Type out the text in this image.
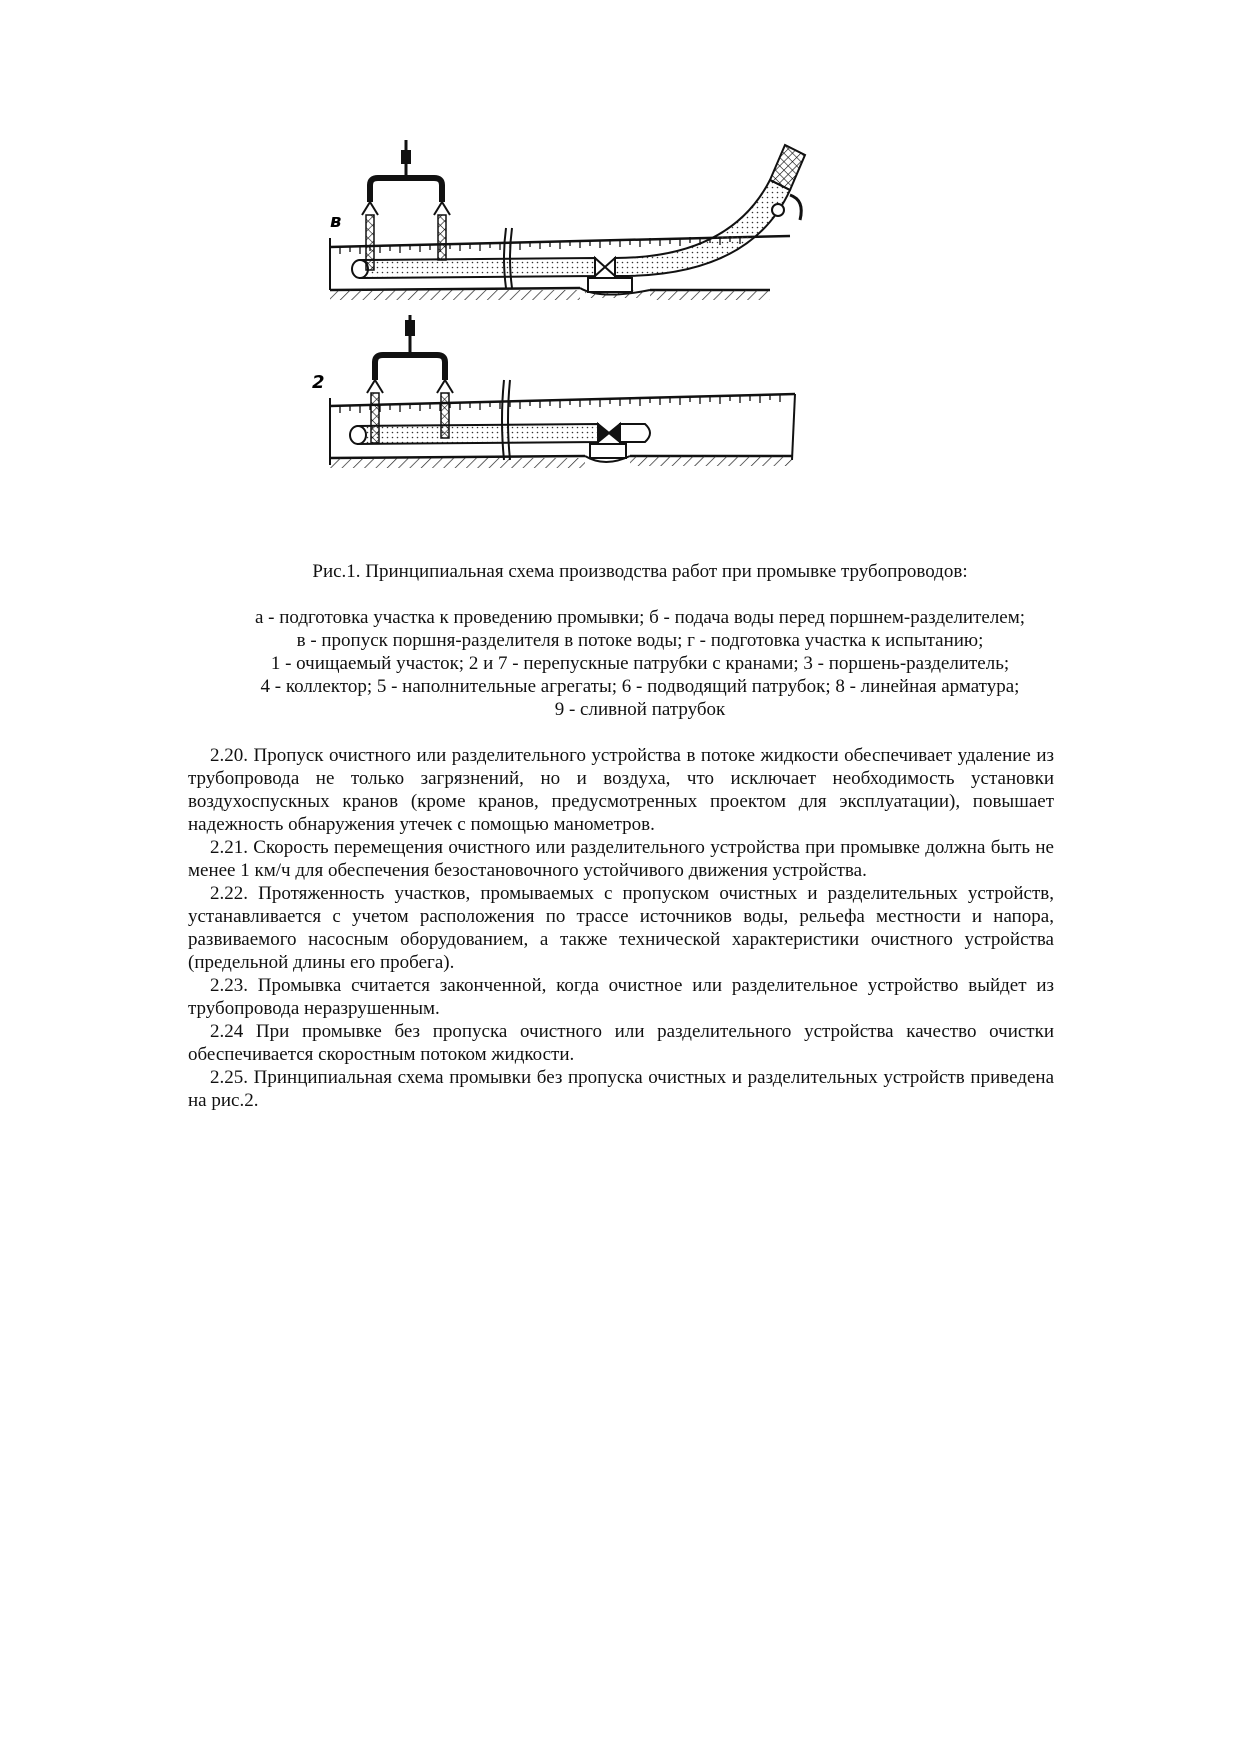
в
2

Рис.1. Принципиальная схема производства работ при промывке трубопроводов:

а - подготовка участка к проведению промывки; б - подача воды перед поршнем-разделителем;

в - пропуск поршня-разделителя в потоке воды; г - подготовка участка к испытанию;

1 - очищаемый участок; 2 и 7 - перепускные патрубки с кранами; 3 - поршень-разделитель;

4 - коллектор; 5 - наполнительные агрегаты; 6 - подводящий патрубок; 8 - линейная арматура;

9 - сливной патрубок

2.20. Пропуск очистного или разделительного устройства в потоке жидкости обеспечивает удаление из трубопровода не только загрязнений, но и воздуха, что исключает необходимость установки воздухоспускных кранов (кроме кранов, предусмотренных проектом для эксплуатации), повышает надежность обнаружения утечек с помощью манометров.

2.21. Скорость перемещения очистного или разделительного устройства при промывке должна быть не менее 1 км/ч для обеспечения безостановочного устойчивого движения устройства.

2.22. Протяженность участков, промываемых с пропуском очистных и разделительных устройств, устанавливается с учетом расположения по трассе источников воды, рельефа местности и напора, развиваемого насосным оборудованием, а также технической характеристики очистного устройства (предельной длины его пробега).

2.23. Промывка считается законченной, когда очистное или разделительное устройство выйдет из трубопровода неразрушенным.

2.24 При промывке без пропуска очистного или разделительного устройства качество очистки обеспечивается скоростным потоком жидкости.

2.25. Принципиальная схема промывки без пропуска очистных и разделительных устройств приведена на рис.2.
